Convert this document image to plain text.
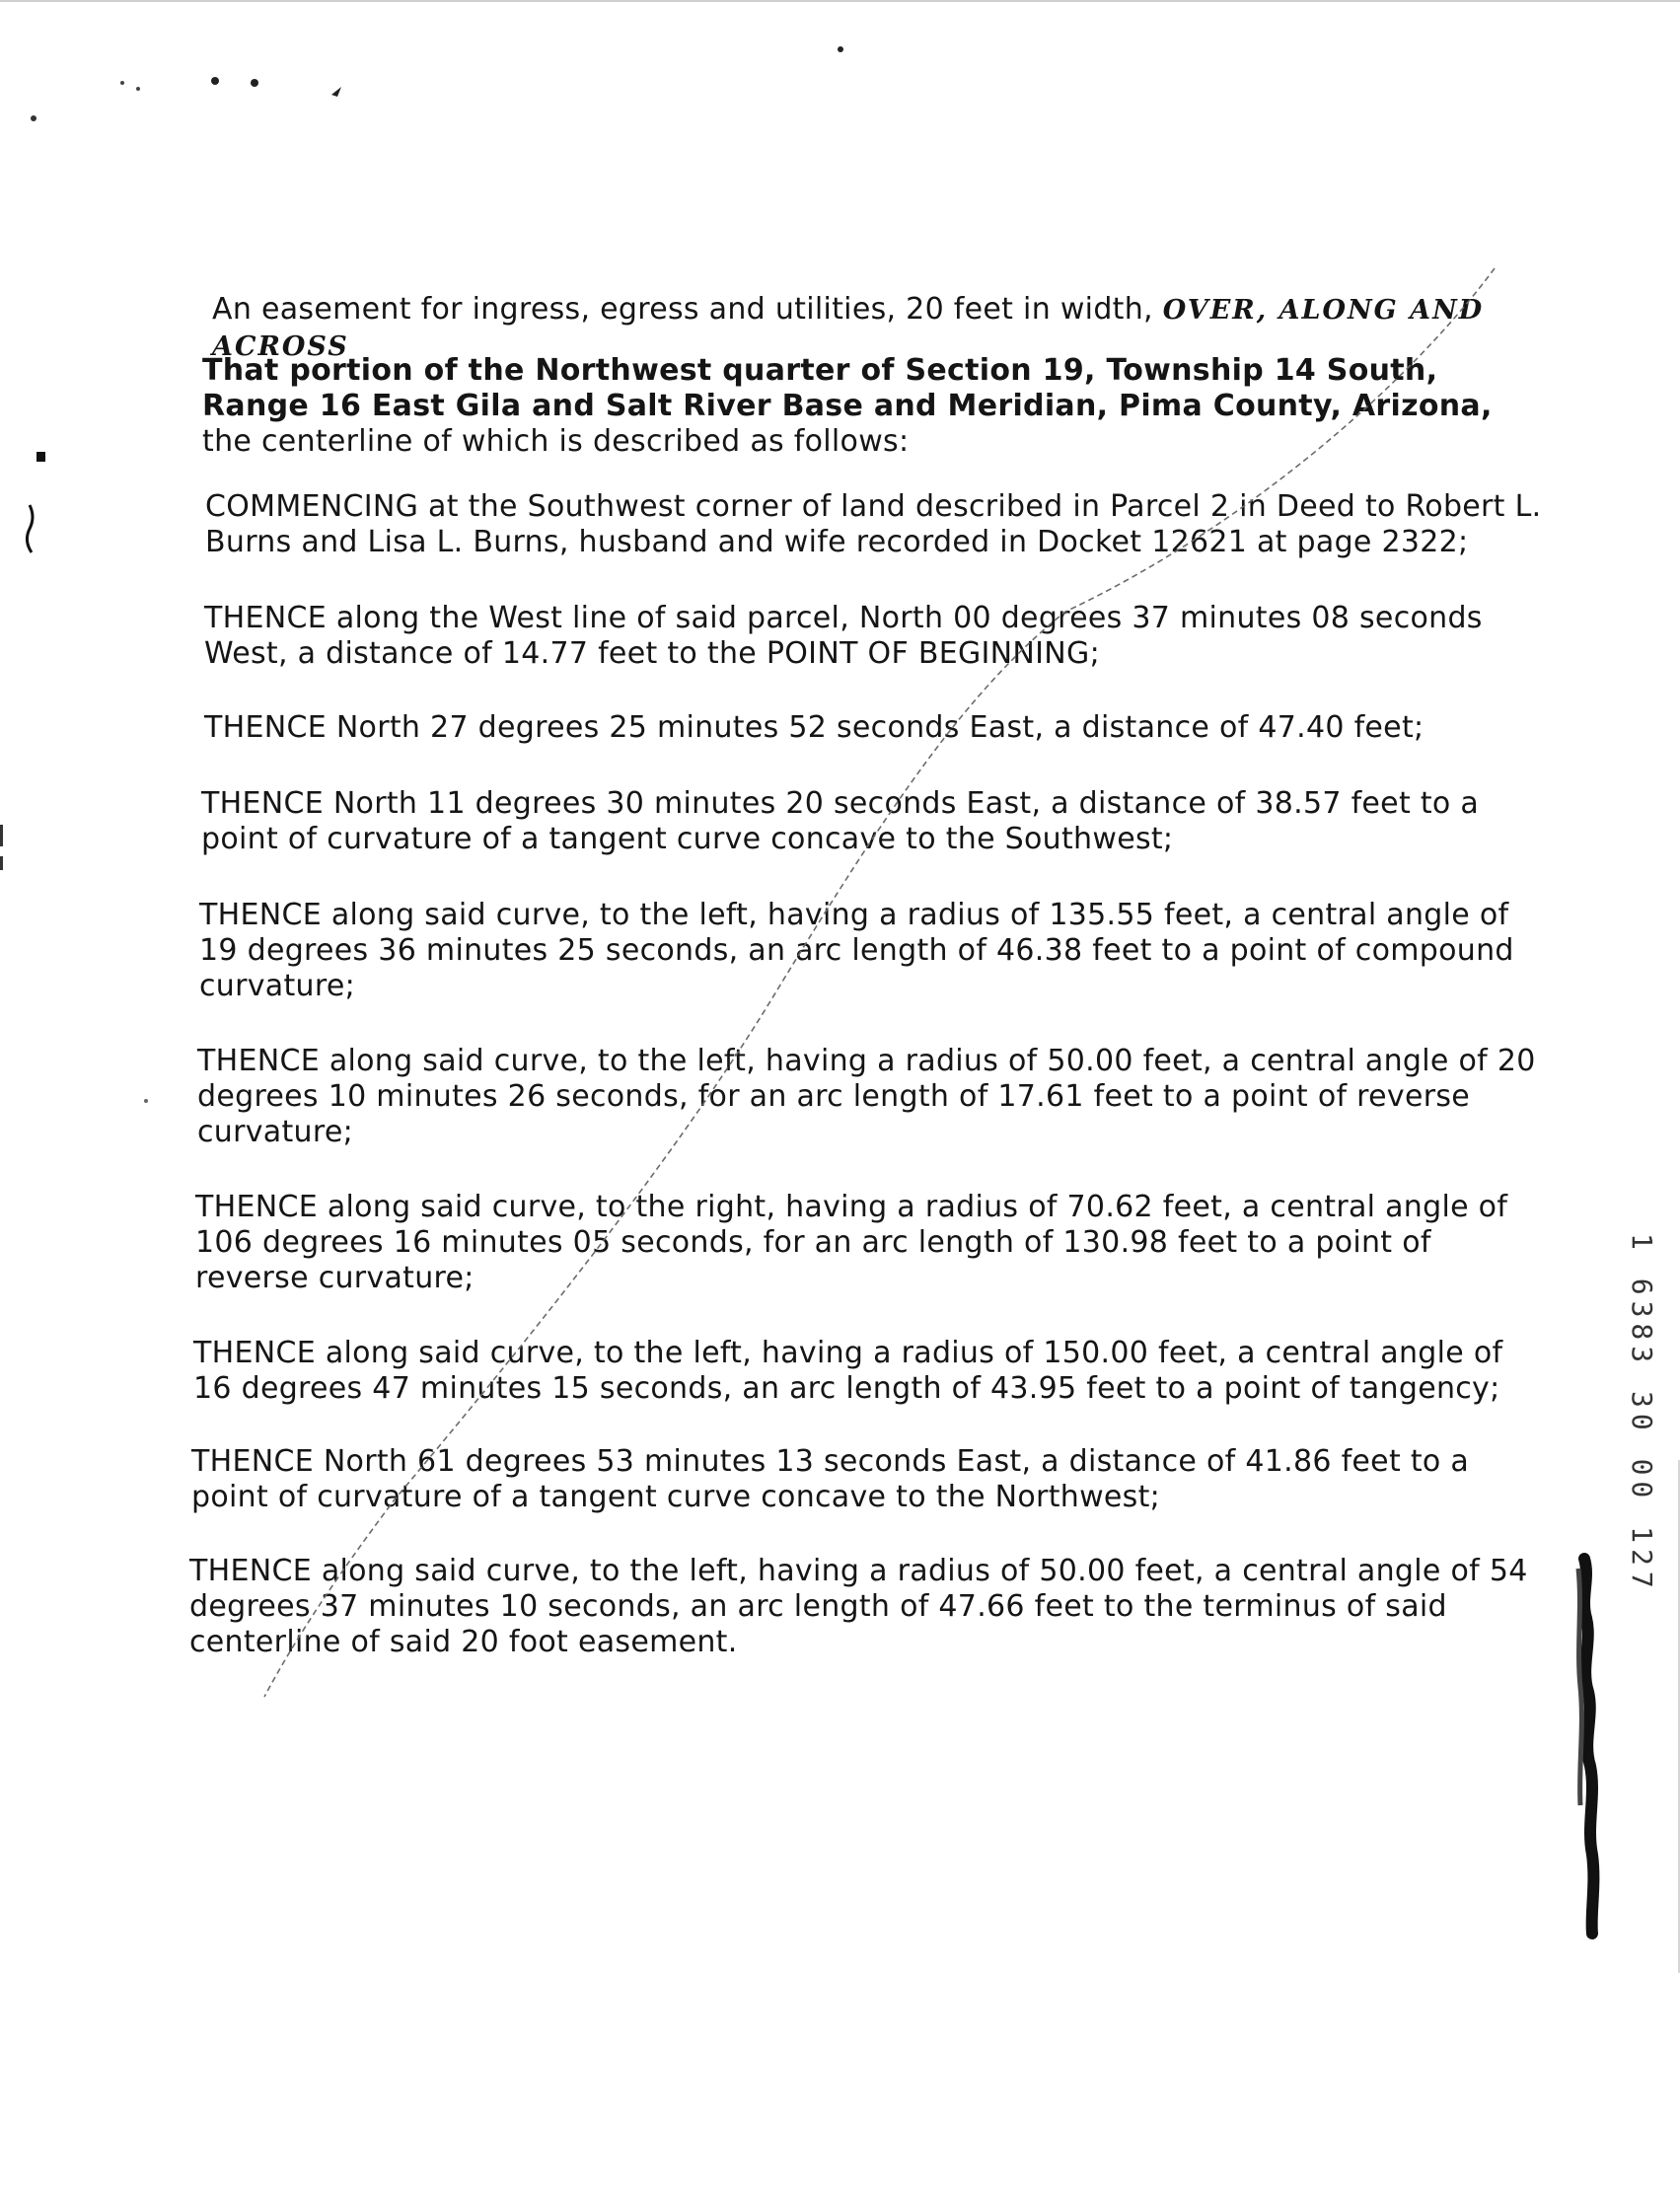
An easement for ingress, egress and utilities, 20 feet in width, OVER, ALONG AND ACROSS

That portion of the Northwest quarter of Section 19, Township 14 South, Range 16 East Gila and Salt River Base and Meridian, Pima County, Arizona, the centerline of which is described as follows:

COMMENCING at the Southwest corner of land described in Parcel 2 in Deed to Robert L. Burns and Lisa L. Burns, husband and wife recorded in Docket 12621 at page 2322;

THENCE along the West line of said parcel, North 00 degrees 37 minutes 08 seconds West, a distance of 14.77 feet to the POINT OF BEGINNING;

THENCE North 27 degrees 25 minutes 52 seconds East, a distance of 47.40 feet;

THENCE North 11 degrees 30 minutes 20 seconds East, a distance of 38.57 feet to a point of curvature of a tangent curve concave to the Southwest;

THENCE along said curve, to the left, having a radius of 135.55 feet, a central angle of 19 degrees 36 minutes 25 seconds, an arc length of 46.38 feet to a point of compound curvature;

THENCE along said curve, to the left, having a radius of 50.00 feet, a central angle of 20 degrees 10 minutes 26 seconds, for an arc length of 17.61 feet to a point of reverse curvature;

THENCE along said curve, to the right, having a radius of 70.62 feet, a central angle of 106 degrees 16 minutes 05 seconds, for an arc length of 130.98 feet to a point of reverse curvature;

THENCE along said curve, to the left, having a radius of 150.00 feet, a central angle of 16 degrees 47 minutes 15 seconds, an arc length of 43.95 feet to a point of tangency;

THENCE North 61 degrees 53 minutes 13 seconds East, a distance of 41.86 feet to a point of curvature of a tangent curve concave to the Northwest;

THENCE along said curve, to the left, having a radius of 50.00 feet, a central angle of 54 degrees 37 minutes 10 seconds, an arc length of 47.66 feet to the terminus of said centerline of said 20 foot easement.

1 6383 30 00 127
